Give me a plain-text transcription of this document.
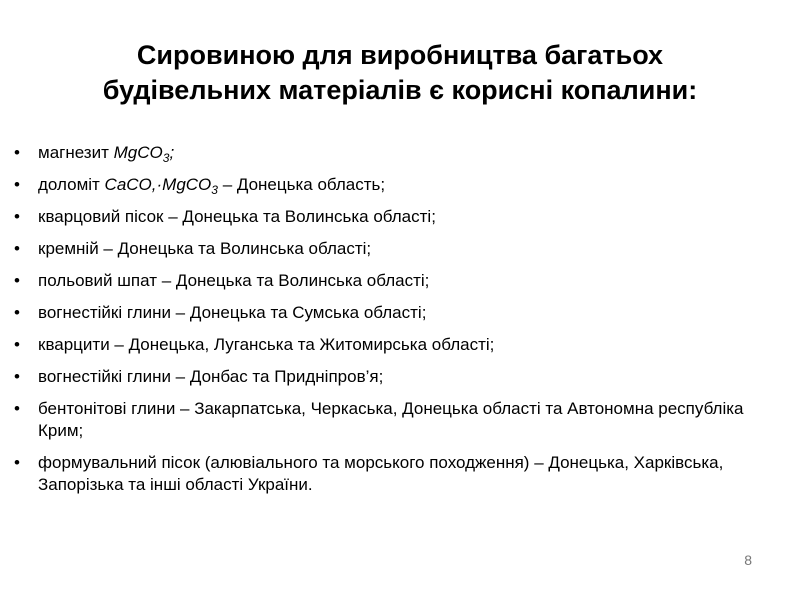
Сировиною для виробництва багатьох
будівельних матеріалів є корисні копалини:
• магнезит MgCO$_3$;
• доломіт CaCO,·MgCO$_3$ – Донецька область;
• кварцовий пісок – Донецька та Волинська області;
• кремній – Донецька та Волинська області;
• польовий шпат – Донецька та Волинська області;
• вогнестійкі глини – Донецька та Сумська області;
• кварцити – Донецька, Луганська та Житомирська області;
• вогнестійкі глини – Донбас та Придніпров’я;
• бентонітові глини – Закарпатська, Черкаська, Донецька області та Автономна республіка Крим;
• формувальний пісок (алювіального та морського походження) – Донецька, Харківська, Запорізька та інші області України.
8
